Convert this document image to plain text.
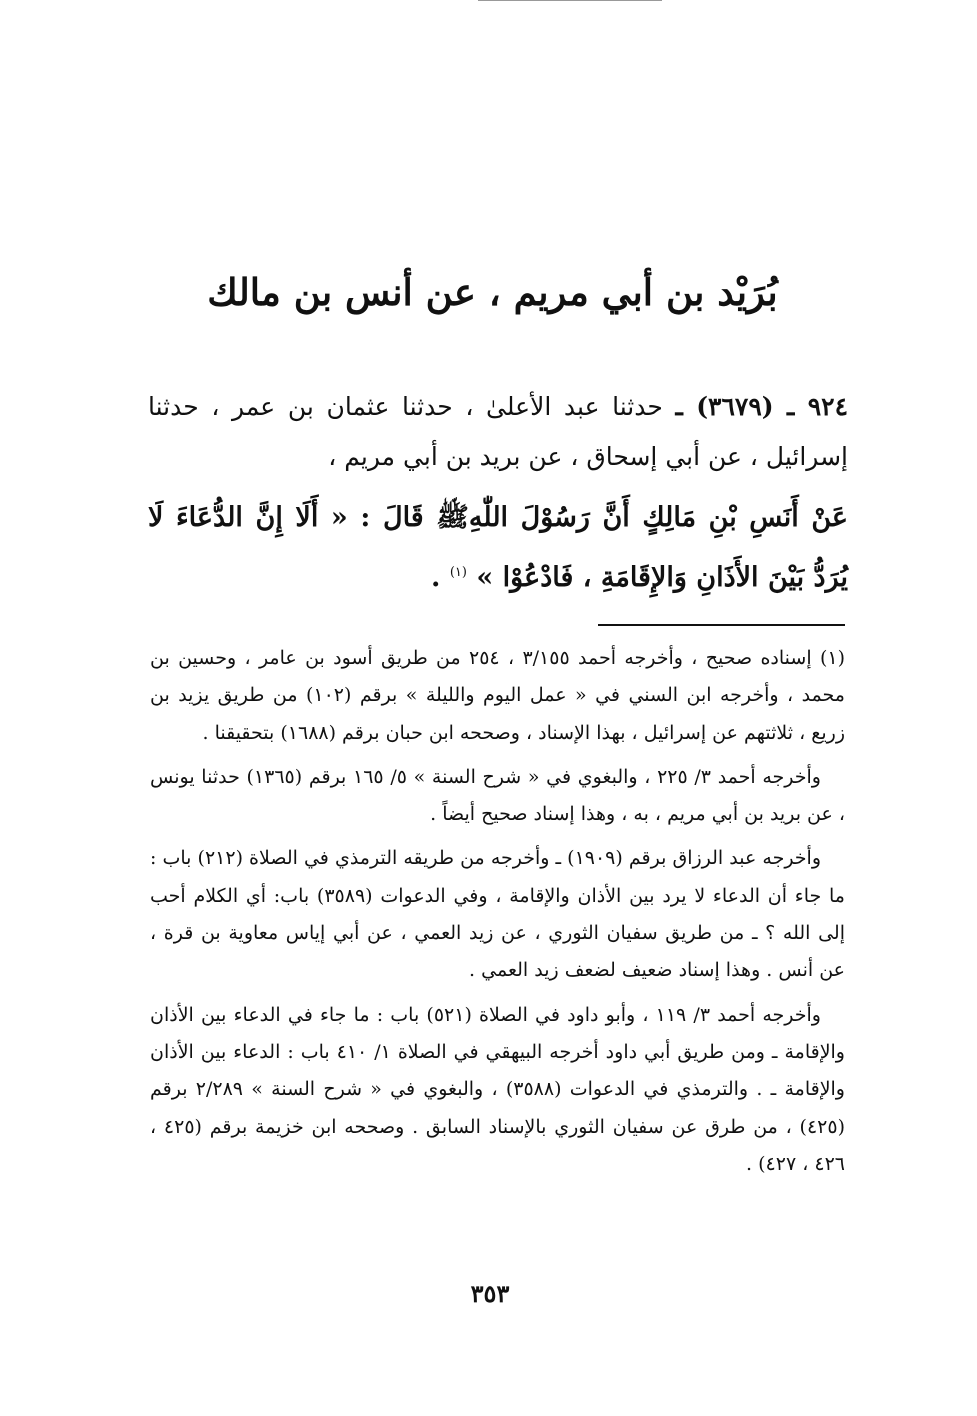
بُرَيْد بن أبي مريم ، عن أنس بن مالك
٩٢٤ ـ (٣٦٧٩) ـ حدثنا عبد الأعلىٰ ، حدثنا عثمان بن عمر ، حدثنا إسرائيل ، عن أبي إسحاق ، عن بريد بن أبي مريم ،
عَنْ أَنَسِ بْنِ مَالِكٍ أَنَّ رَسُوْلَ اللّٰهِﷺ قَالَ : « أَلَا إِنَّ الدُّعَاءَ لَا يُرَدُّ بَيْنَ الأَذَانِ وَالإِقَامَةِ ، فَادْعُوْا » $^{(١)}$ .

(١) إسناده صحيح ، وأخرجه أحمد ٣/١٥٥ ، ٢٥٤ من طريق أسود بن عامر ، وحسين بن محمد ، وأخرجه ابن السني في « عمل اليوم والليلة » برقم (١٠٢) من طريق يزيد بن زريع ، ثلاثتهم عن إسرائيل ، بهذا الإسناد ، وصححه ابن حبان برقم (١٦٨٨) بتحقيقنا .

وأخرجه أحمد ٣/ ٢٢٥ ، والبغوي في « شرح السنة » ٥/ ١٦٥ برقم (١٣٦٥) حدثنا يونس ، عن بريد بن أبي مريم ، به ، وهذا إسناد صحيح أيضاً .

وأخرجه عبد الرزاق برقم (١٩٠٩) ـ وأخرجه من طريقه الترمذي في الصلاة (٢١٢) باب : ما جاء أن الدعاء لا يرد بين الأذان والإقامة ، وفي الدعوات (٣٥٨٩) باب: أي الكلام أحب إلى الله ؟ ـ من طريق سفيان الثوري ، عن زيد العمي ، عن أبي إياس معاوية بن قرة ، عن أنس . وهذا إسناد ضعيف لضعف زيد العمي .

وأخرجه أحمد ٣/ ١١٩ ، وأبو داود في الصلاة (٥٢١) باب : ما جاء في الدعاء بين الأذان والإقامة ـ ومن طريق أبي داود أخرجه البيهقي في الصلاة ١/ ٤١٠ باب : الدعاء بين الأذان والإقامة ـ . والترمذي في الدعوات (٣٥٨٨) ، والبغوي في « شرح السنة » ٢/٢٨٩ برقم (٤٢٥) ، من طرق عن سفيان الثوري بالإسناد السابق . وصححه ابن خزيمة برقم (٤٢٥ ، ٤٢٦ ، ٤٢٧) .

٣٥٣
